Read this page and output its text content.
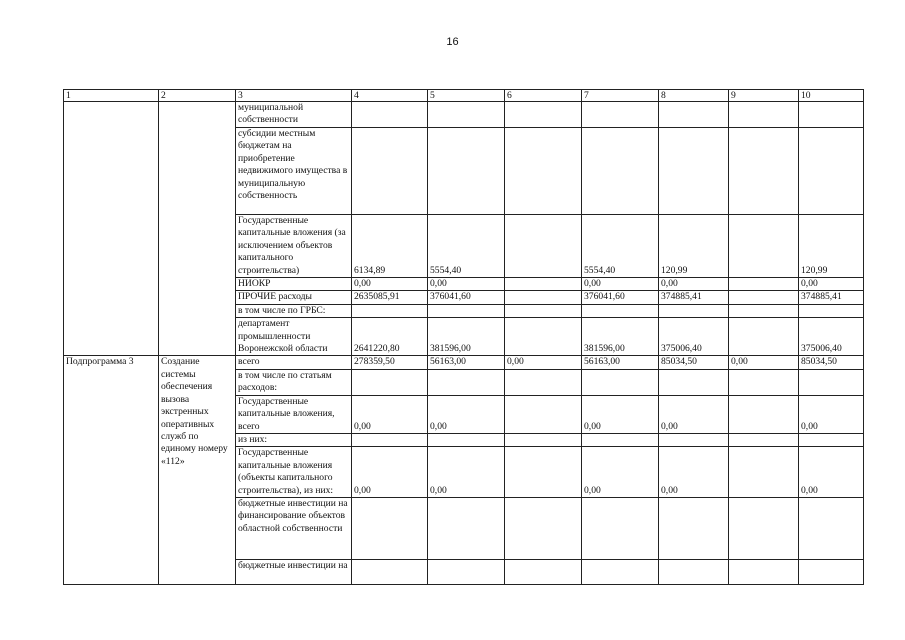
16
1	2	3	4	5	6	7	8	9	10
		муниципальной собственности							
		субсидии местным бюджетам на приобретение недвижимого имущества в муниципальную собственность							
		Государственные капитальные вложения (за исключением объектов капитального строительства)	6134,89	5554,40		5554,40	120,99		120,99
		НИОКР	0,00	0,00		0,00	0,00		0,00
		ПРОЧИЕ расходы	2635085,91	376041,60		376041,60	374885,41		374885,41
		в том числе по ГРБС:							
		департамент промышленности Воронежской области	2641220,80	381596,00		381596,00	375006,40		375006,40
Подпрограмма 3	Создание системы обеспечения вызова экстренных оперативных служб по единому номеру «112»	всего	278359,50	56163,00	0,00	56163,00	85034,50	0,00	85034,50
		в том числе по статьям расходов:							
		Государственные капитальные вложения, всего	0,00	0,00		0,00	0,00		0,00
		из них:							
		Государственные капитальные вложения (объекты капитального строительства), из них:	0,00	0,00		0,00	0,00		0,00
		бюджетные инвестиции на финансирование объектов областной собственности							
		бюджетные инвестиции на							
